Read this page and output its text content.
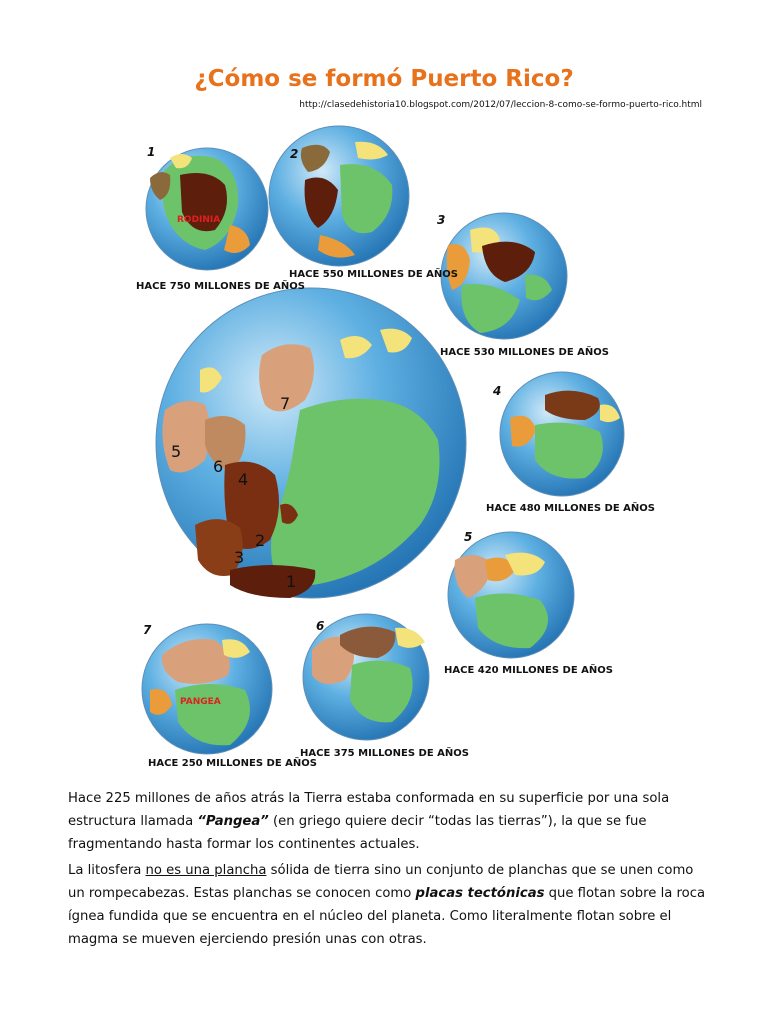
¿Cómo se formó Puerto Rico?
http://clasedehistoria10.blogspot.com/2012/07/leccion-8-como-se-formo-puerto-rico.html
RODINIA
PANGEA
1
2
3
4
5
6
7
1	2
3
4
5
6
7
HACE 750 MILLONES DE AÑOS
HACE 550 MILLONES DE AÑOS
HACE 530 MILLONES DE AÑOS
HACE 480 MILLONES DE AÑOS
HACE 420 MILLONES DE AÑOS
HACE 375 MILLONES DE AÑOS
HACE 250 MILLONES DE AÑOS

Hace 225 millones de años atrás la Tierra estaba conformada en su superficie por una sola estructura llamada “Pangea” (en griego quiere decir “todas las tierras”), la que se fue fragmentando hasta formar los continentes actuales.

La litosfera no es una plancha sólida de tierra sino un conjunto de planchas que se unen como un rompecabezas. Estas planchas se conocen como placas tectónicas que flotan sobre la roca ígnea fundida que se encuentra en el núcleo del planeta. Como literalmente flotan sobre el magma se mueven ejerciendo presión unas con otras.
